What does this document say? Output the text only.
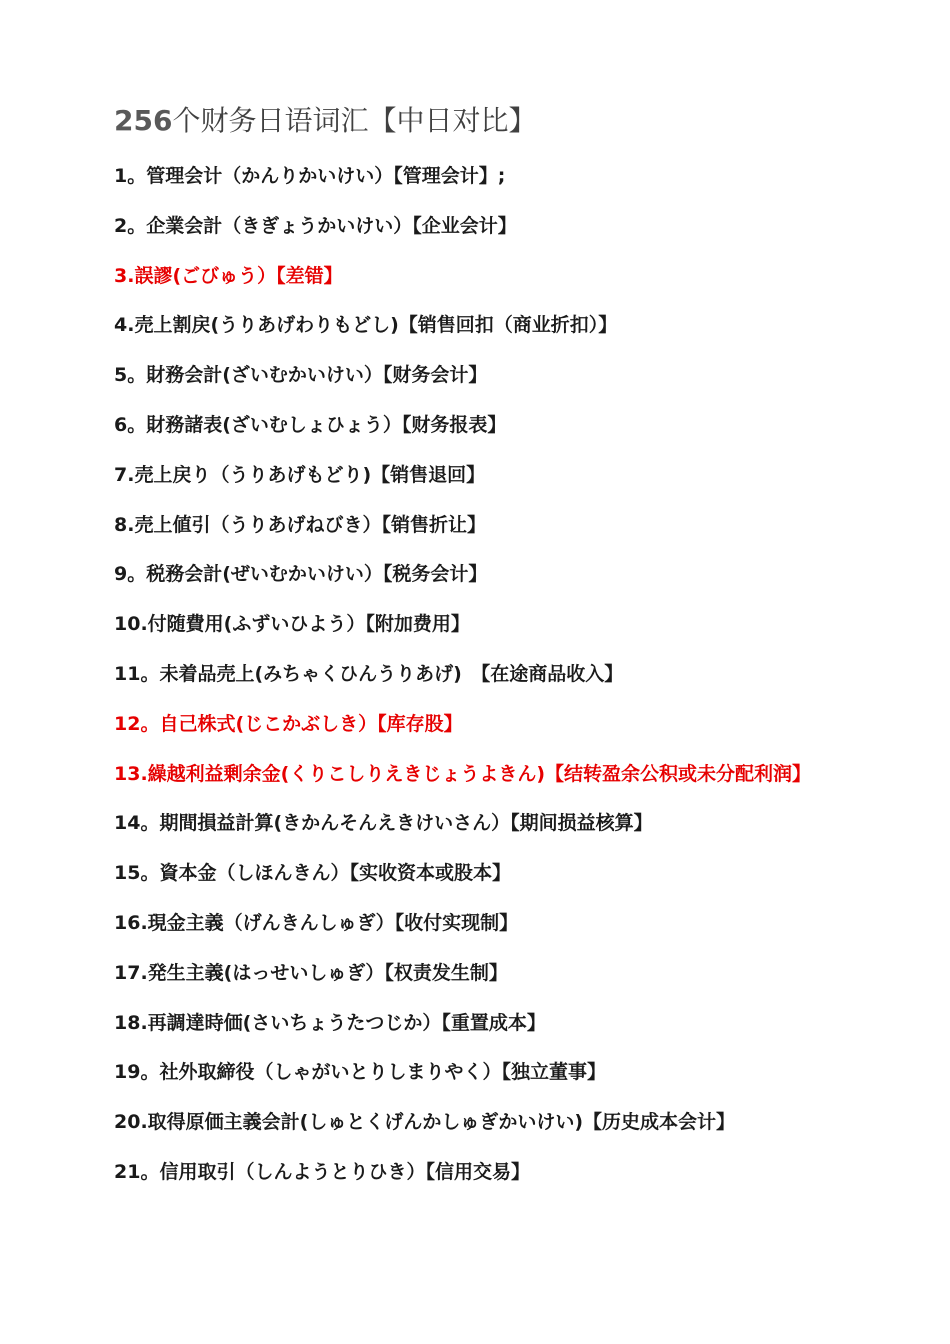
256个财务日语词汇【中日对比】
1。管理会计（かんりかいけい）【管理会计】;
2。企業会計（きぎょうかいけい）【企业会计】
3.誤謬(ごびゅう）【差错】
4.売上割戻(うりあげわりもどし)【销售回扣（商业折扣）】
5。財務会計(ざいむかいけい）【财务会计】
6。財務諸表(ざいむしょひょう）【财务报表】
7.売上戻り（うりあげもどり)【销售退回】
8.売上値引（うりあげねびき）【销售折让】
9。税務会計(ぜいむかいけい）【税务会计】
10.付随費用(ふずいひよう）【附加费用】
11。未着品売上(みちゃくひんうりあげ)　【在途商品收入】
12。自己株式(じこかぶしき）【库存股】
13.繰越利益剰余金(くりこしりえきじょうよきん)【结转盈余公积或未分配利润】
14。期間損益計算(きかんそんえきけいさん）【期间损益核算】
15。資本金（しほんきん）【实收资本或股本】
16.現金主義（げんきんしゅぎ）【收付实现制】
17.発生主義(はっせいしゅぎ）【权责发生制】
18.再調達時価(さいちょうたつじか）【重置成本】
19。社外取締役（しゃがいとりしまりやく）【独立董事】
20.取得原価主義会計(しゅとくげんかしゅぎかいけい)【历史成本会计】
21。信用取引（しんようとりひき）【信用交易】
